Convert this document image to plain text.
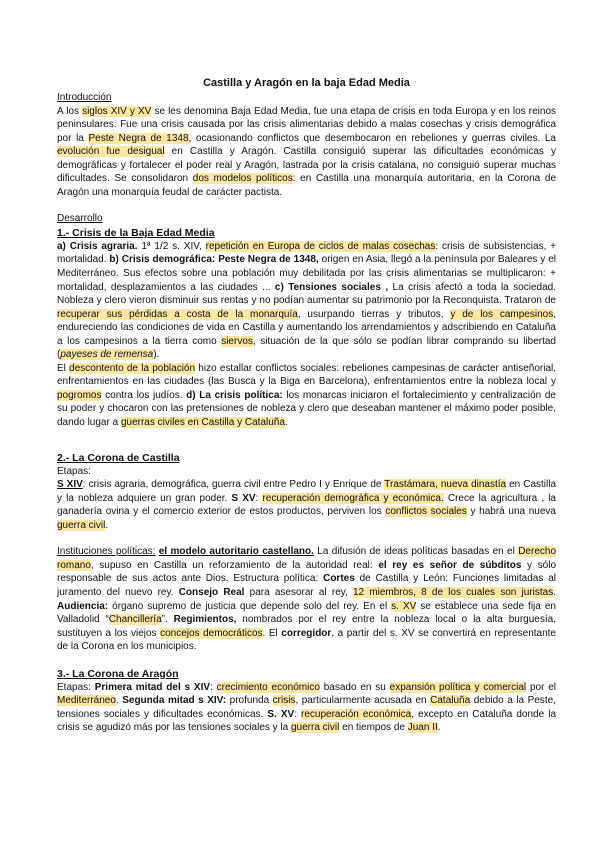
Castilla y Aragón en la baja Edad Media

Introducción

A los siglos XIV y XV se les denomina Baja Edad Media, fue una etapa de crisis en toda Europa y en los reinos peninsulares. Fue una crisis causada por las crisis alimentarias debido a malas cosechas y crisis demográfica por la Peste Negra de 1348, ocasionando conflictos que desembocaron en rebeliones y guerras civiles. La evolución fue desigual en Castilla y Aragón. Castilla consiguió superar las dificultades económicas y demográficas y fortalecer el poder real y Aragón, lastrada por la crisis catalana, no consiguió superar muchas dificultades. Se consolidaron dos modelos políticos: en Castilla una monarquía autoritaria, en la Corona de Aragón una monarquía feudal de carácter pactista.

Desarrollo

1.- Crisis de la Baja Edad Media

a) Crisis agraria. 1ª 1/2 s. XIV, repetición en Europa de ciclos de malas cosechas: crisis de subsistencias, + mortalidad. b) Crisis demográfica: Peste Negra de 1348, origen en Asia, llegó a la península por Baleares y el Mediterráneo. Sus efectos sobre una población muy debilitada por las crisis alimentarias se multiplicaron: + mortalidad, desplazamientos a las ciudades ... c) Tensiones sociales , La crisis afectó a toda la sociedad. Nobleza y clero vieron disminuir sus rentas y no podían aumentar su patrimonio por la Reconquista. Trataron de recuperar sus pérdidas a costa de la monarquía, usurpando tierras y tributos, y de los campesinos, endureciendo las condiciones de vida en Castilla y aumentando los arrendamientos y adscribiendo en Cataluña a los campesinos a la tierra como siervos, situación de la que sólo se podían librar comprando su libertad (payeses de remensa).

El descontento de la población hizo estallar conflictos sociales: rebeliones campesinas de carácter antiseñorial, enfrentamientos en las ciudades (las Busca y la Biga en Barcelona), enfrentamientos entre la nobleza local y pogromos contra los judíos. d) La crisis política: los monarcas iniciaron el fortalecimiento y centralización de su poder y chocaron con las pretensiones de nobleza y clero que deseaban mantener el máximo poder posible, dando lugar a guerras civiles en Castilla y Cataluña.

2.- La Corona de Castilla

Etapas:

S XIV: crisis agraria, demográfica, guerra civil entre Pedro I y Enrique de Trastámara, nueva dinastía en Castilla y la nobleza adquiere un gran poder. S XV: recuperación demográfica y económica. Crece la agricultura , la ganadería ovina y el comercio exterior de estos productos, perviven los conflictos sociales y habrá una nueva guerra civil.

Instituciones políticas: el modelo autoritario castellano. La difusión de ideas políticas basadas en el Derecho romano, supuso en Castilla un reforzamiento de la autoridad real: el rey es señor de súbditos y sólo responsable de sus actos ante Dios. Estructura política: Cortes de Castilla y León: Funciones limitadas al juramento del nuevo rey. Consejo Real para asesorar al rey, 12 miembros, 8 de los cuales son juristas. Audiencia: órgano supremo de justicia que depende solo del rey. En el s. XV se establece una sede fija en Valladolid “Chancillería”. Regimientos, nombrados por el rey entre la nobleza local o la alta burguesía, sustituyen a los viejos concejos democráticos. El corregidor, a partir del s. XV se convertirá en representante de la Corona en los municipios.

3.- La Corona de Aragón

Etapas: Primera mitad del s XIV: crecimiento económico basado en su expansión política y comercial por el Mediterráneo. Segunda mitad s XIV: profunda crisis, particularmente acusada en Cataluña debido a la Peste, tensiones sociales y dificultades económicas. S. XV: recuperación económica, excepto en Cataluña donde la crisis se agudizó más por las tensiones sociales y la guerra civil en tiempos de Juan II.
